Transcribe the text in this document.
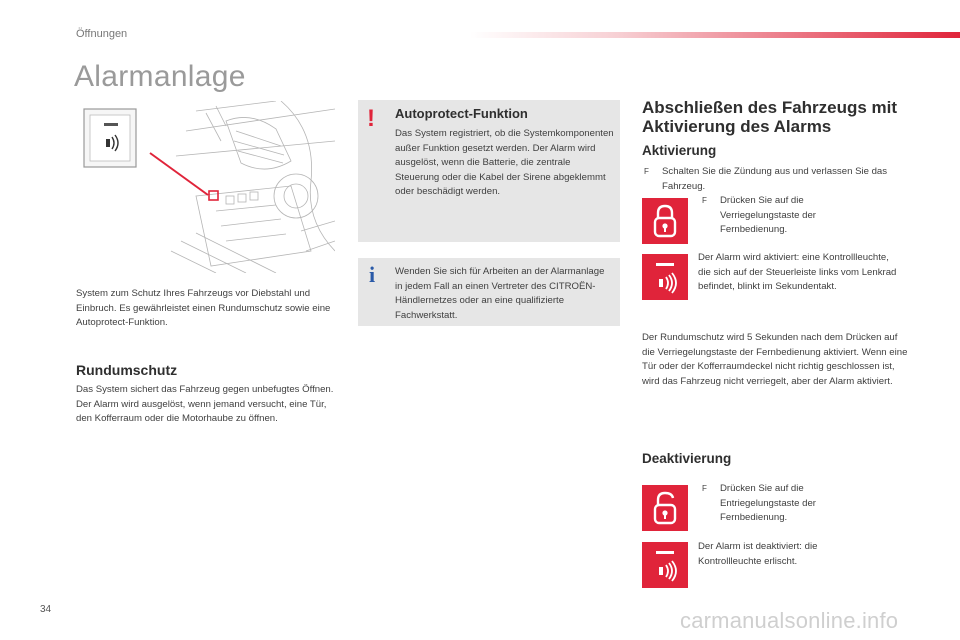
Öffnungen
Alarmanlage

System zum Schutz Ihres Fahrzeugs vor Diebstahl und Einbruch. Es gewährleistet einen Rundumschutz sowie eine Autoprotect-Funktion.

Rundumschutz

Das System sichert das Fahrzeug gegen unbefugtes Öffnen. Der Alarm wird ausgelöst, wenn jemand versucht, eine Tür, den Kofferraum oder die Motorhaube zu öffnen.

! Autoprotect-Funktion

Das System registriert, ob die Systemkomponenten außer Funktion gesetzt werden. Der Alarm wird ausgelöst, wenn die Batterie, die zentrale Steuerung oder die Kabel der Sirene abgeklemmt oder beschädigt werden.

i Wenden Sie sich für Arbeiten an der Alarmanlage in jedem Fall an einen Vertreter des CITROËN-Händlernetzes oder an eine qualifizierte Fachwerkstatt.

Abschließen des Fahrzeugs mit Aktivierung des Alarms
Aktivierung
F	Schalten Sie die Zündung aus und verlassen Sie das Fahrzeug.

F	Drücken Sie auf die Verriegelungstaste der Fernbedienung.

Der Alarm wird aktiviert: eine Kontrollleuchte, die sich auf der Steuerleiste links vom Lenkrad befindet, blinkt im Sekundentakt.

Der Rundumschutz wird 5 Sekunden nach dem Drücken auf die Verriegelungstaste der Fernbedienung aktiviert. Wenn eine Tür oder der Kofferraumdeckel nicht richtig geschlossen ist, wird das Fahrzeug nicht verriegelt, aber der Alarm aktiviert.

Deaktivierung
F	Drücken Sie auf die Entriegelungstaste der Fernbedienung.

Der Alarm ist deaktiviert: die Kontrollleuchte erlischt.

34	carmanualsonline.info
